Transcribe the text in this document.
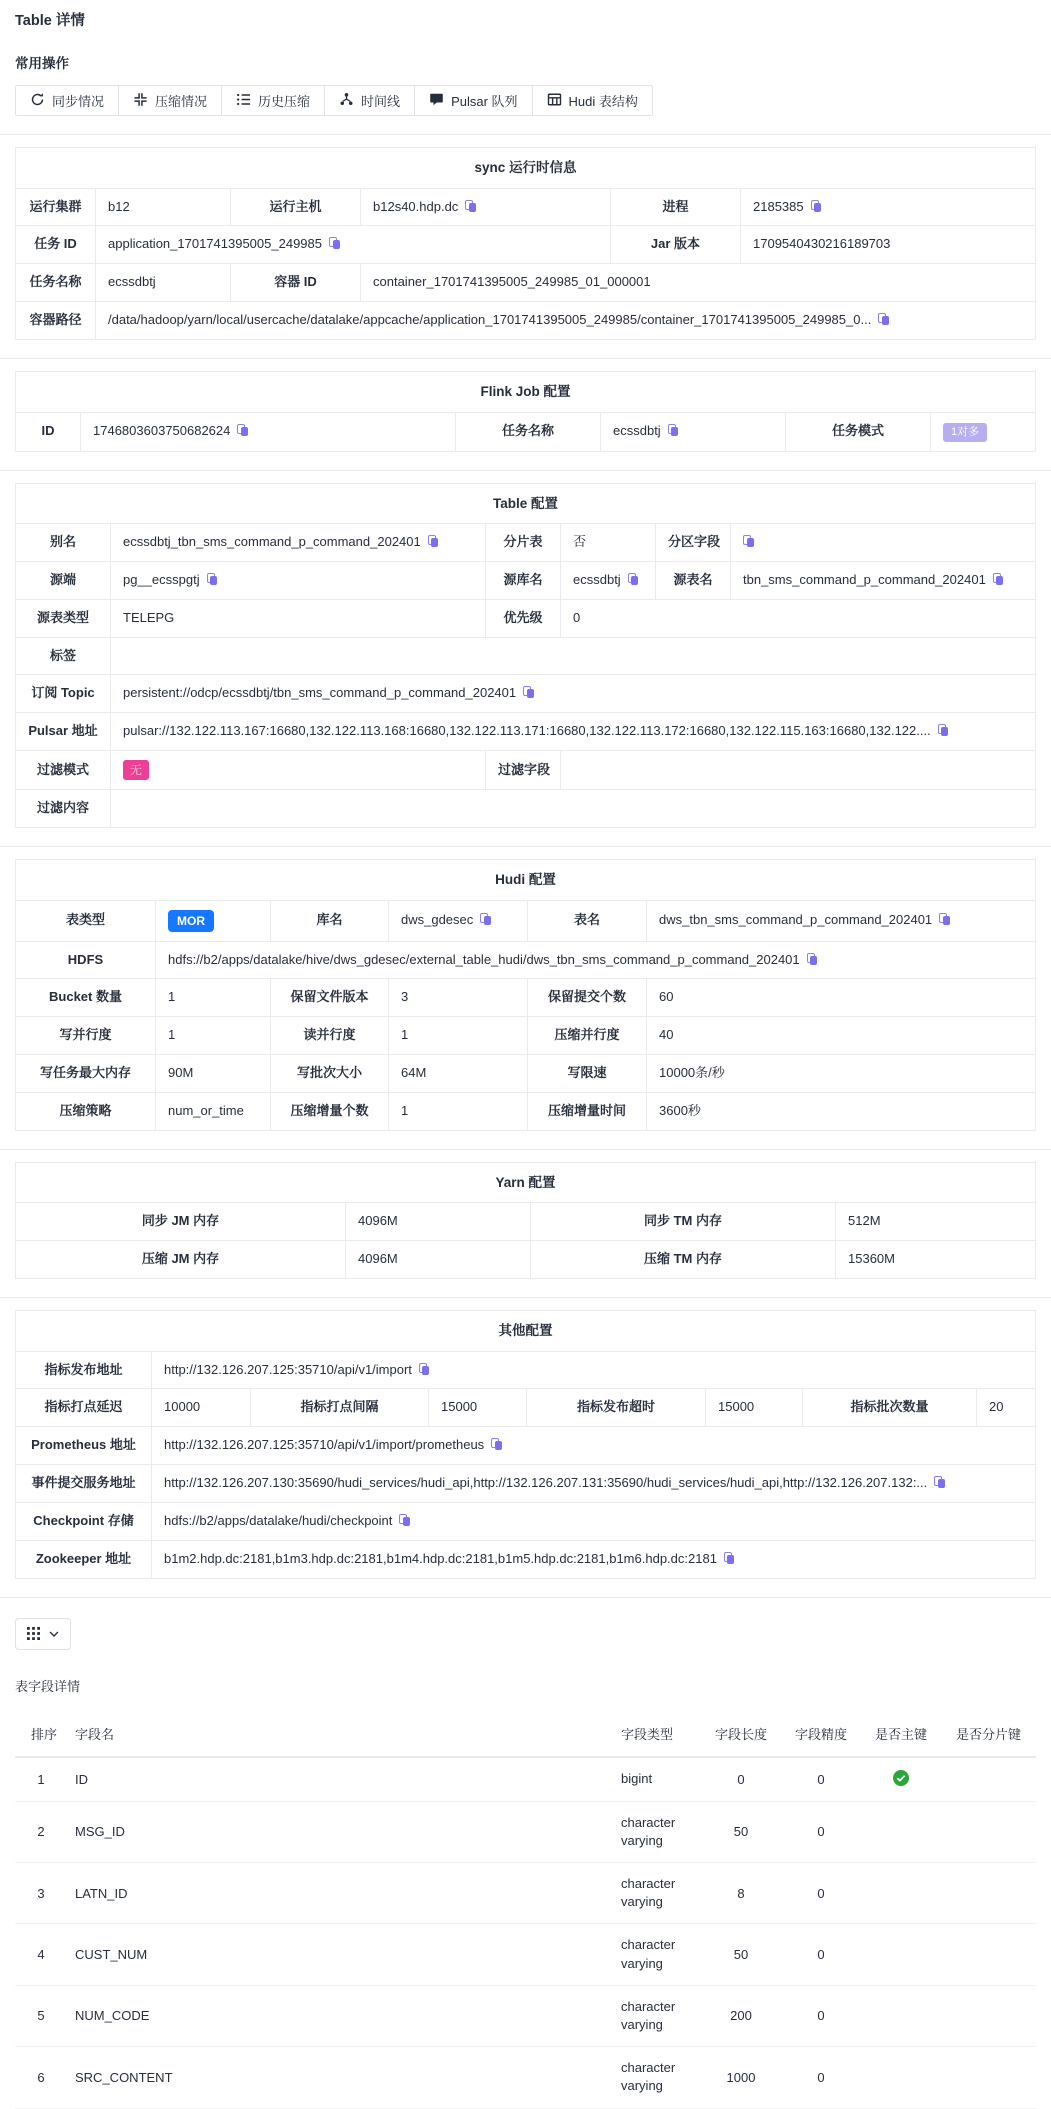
Table 详情
常用操作
同步情况	压缩情况	历史压缩	时间线	Pulsar 队列	Hudi 表结构
sync 运行时信息					
运行集群	b12	运行主机	b12s40.hdp.dc	进程	2185385
任务 ID	application_1701741395005_249985			Jar 版本	1709540430216189703
任务名称	ecssdbtj	容器 ID	container_1701741395005_249985_01_000001		
容器路径	/data/hadoop/yarn/local/usercache/datalake/appcache/application_1701741395005_249985/container_1701741395005_249985_0...				
Flink Job 配置
ID	1746803603750682624	任务名称	ecssdbtj	任务模式	1对多
Table 配置					
别名	ecssdbtj_tbn_sms_command_p_command_202401	分片表	否	分区字段	
源端	pg__ecsspgtj	源库名	ecssdbtj	源表名	tbn_sms_command_p_command_202401
源表类型	TELEPG	优先级	0		
标签					
订阅 Topic	persistent://odcp/ecssdbtj/tbn_sms_command_p_command_202401				
Pulsar 地址	pulsar://132.122.113.167:16680,132.122.113.168:16680,132.122.113.171:16680,132.122.113.172:16680,132.122.115.163:16680,132.122....				
过滤模式	无	过滤字段			
过滤内容					
Hudi 配置					
表类型	MOR	库名	dws_gdesec	表名	dws_tbn_sms_command_p_command_202401
HDFS	hdfs://b2/apps/datalake/hive/dws_gdesec/external_table_hudi/dws_tbn_sms_command_p_command_202401				
Bucket 数量	1	保留文件版本	3	保留提交个数	60
写并行度	1	读并行度	1	压缩并行度	40
写任务最大内存	90M	写批次大小	64M	写限速	10000条/秒
压缩策略	num_or_time	压缩增量个数	1	压缩增量时间	3600秒
Yarn 配置			
同步 JM 内存	4096M	同步 TM 内存	512M
压缩 JM 内存	4096M	压缩 TM 内存	15360M
其他配置							
指标发布地址	http://132.126.207.125:35710/api/v1/import						
指标打点延迟	10000	指标打点间隔	15000	指标发布超时	15000	指标批次数量	20
Prometheus 地址	http://132.126.207.125:35710/api/v1/import/prometheus						
事件提交服务地址	http://132.126.207.130:35690/hudi_services/hudi_api,http://132.126.207.131:35690/hudi_services/hudi_api,http://132.126.207.132:...						
Checkpoint 存储	hdfs://b2/apps/datalake/hudi/checkpoint						
Zookeeper 地址	b1m2.hdp.dc:2181,b1m3.hdp.dc:2181,b1m4.hdp.dc:2181,b1m5.hdp.dc:2181,b1m6.hdp.dc:2181						
表字段详情
排序	字段名	字段类型	字段长度	字段精度	是否主键	是否分片键
1	ID	bigint	0	0	

2	MSG_ID	character varying	50	0		
3	LATN_ID	character varying	8	0		
4	CUST_NUM	character varying	50	0		
5	NUM_CODE	character varying	200	0		
6	SRC_CONTENT	character varying	1000	0		
